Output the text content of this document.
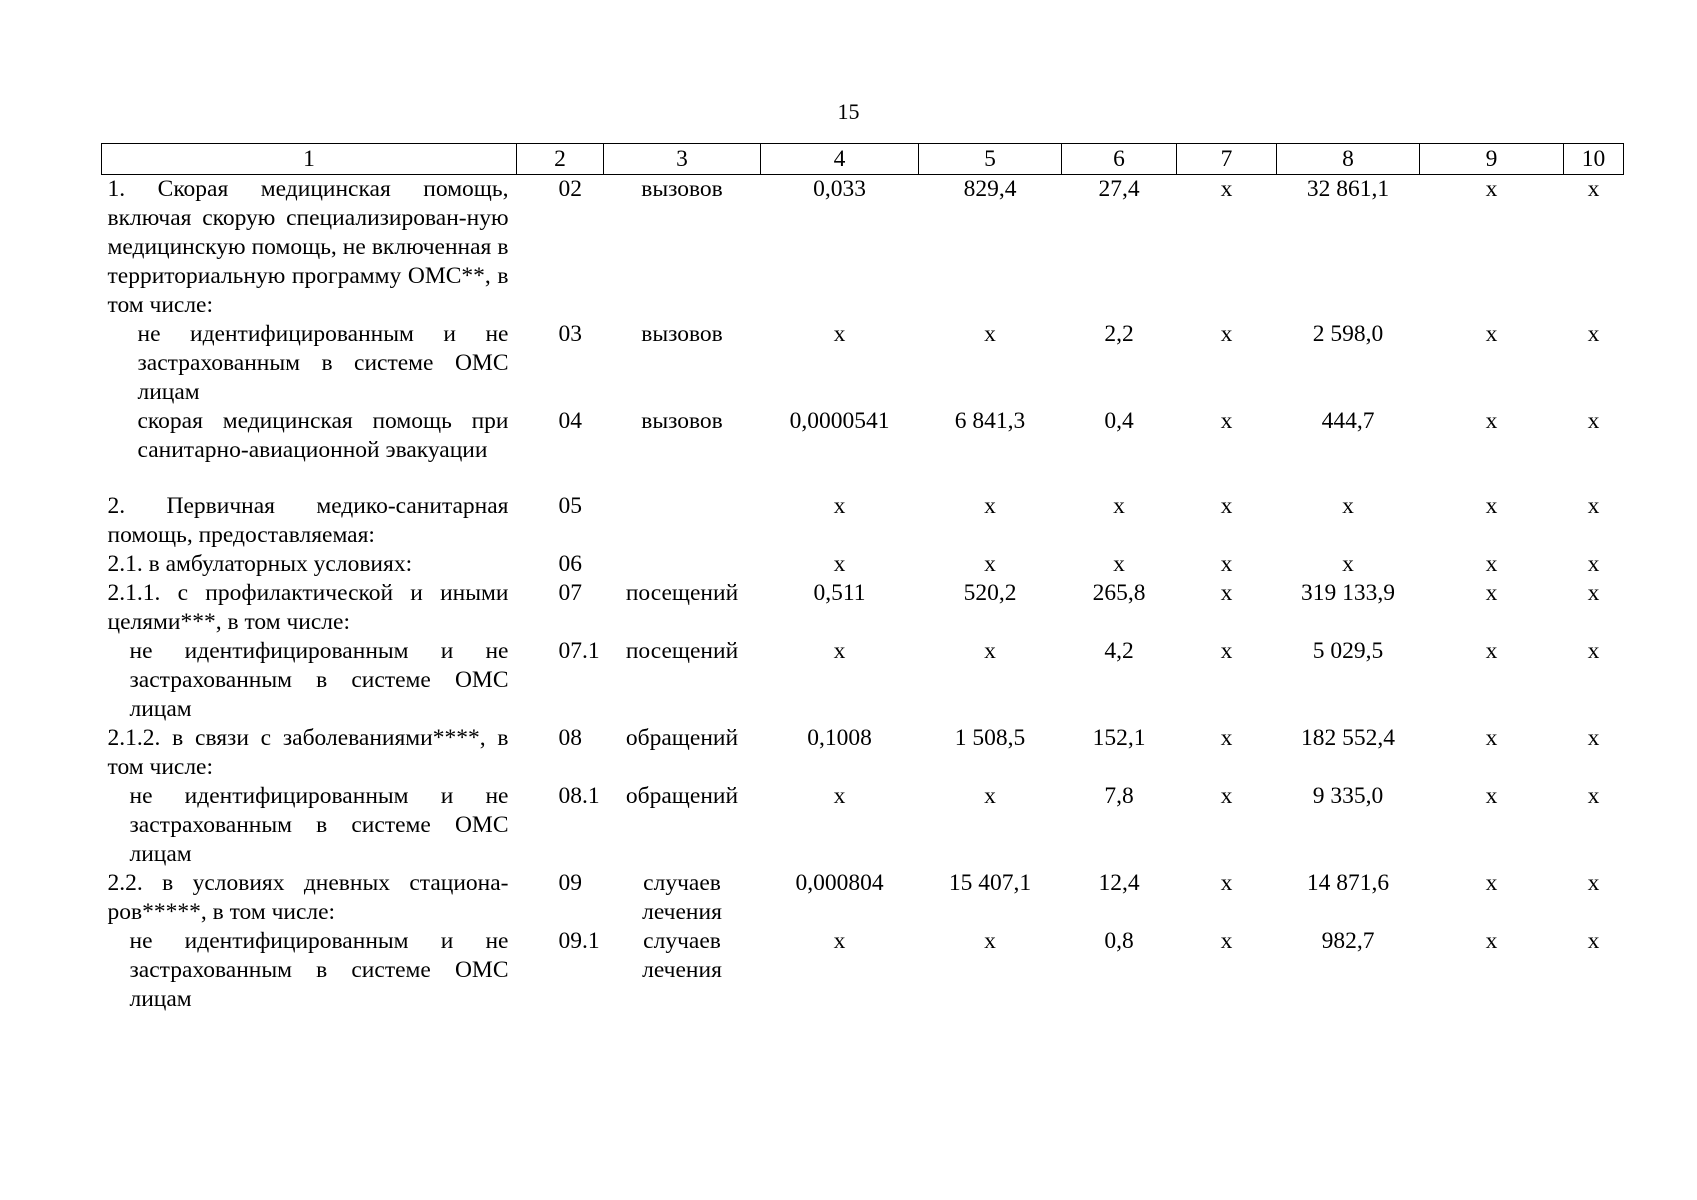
15
1	2	3	4	5	6	7	8	9	10
1. Скорая медицинская помощь, включая скорую специализирован-ную медицинскую помощь, не включенная в территориальную программу ОМС**, в том числе:	02	вызовов	0,033	829,4	27,4	х	32 861,1	х	х
не идентифицированным и не застрахованным в системе ОМС лицам	03	вызовов	х	х	2,2	х	2 598,0	х	х
скорая медицинская помощь при санитарно-авиационной эвакуации	04	вызовов	0,0000541	6 841,3	0,4	х	444,7	х	х

2. Первичная медико-санитарная помощь, предоставляемая:	05		х	х	х	х	х	х	х
2.1. в амбулаторных условиях:	06		х	х	х	х	х	х	х
2.1.1. с профилактической и иными целями***, в том числе:	07	посещений	0,511	520,2	265,8	х	319 133,9	х	х
не идентифицированным и не застрахованным в системе ОМС лицам	07.1	посещений	х	х	4,2	х	5 029,5	х	х
2.1.2. в связи с заболеваниями****, в том числе:	08	обращений	0,1008	1 508,5	152,1	х	182 552,4	х	х
не идентифицированным и не застрахованным в системе ОМС лицам	08.1	обращений	х	х	7,8	х	9 335,0	х	х
2.2. в условиях дневных стациона-ров*****, в том числе:	09	случаев лечения	0,000804	15 407,1	12,4	х	14 871,6	х	х
не идентифицированным и не застрахованным в системе ОМС лицам	09.1	случаев лечения	х	х	0,8	х	982,7	х	х
